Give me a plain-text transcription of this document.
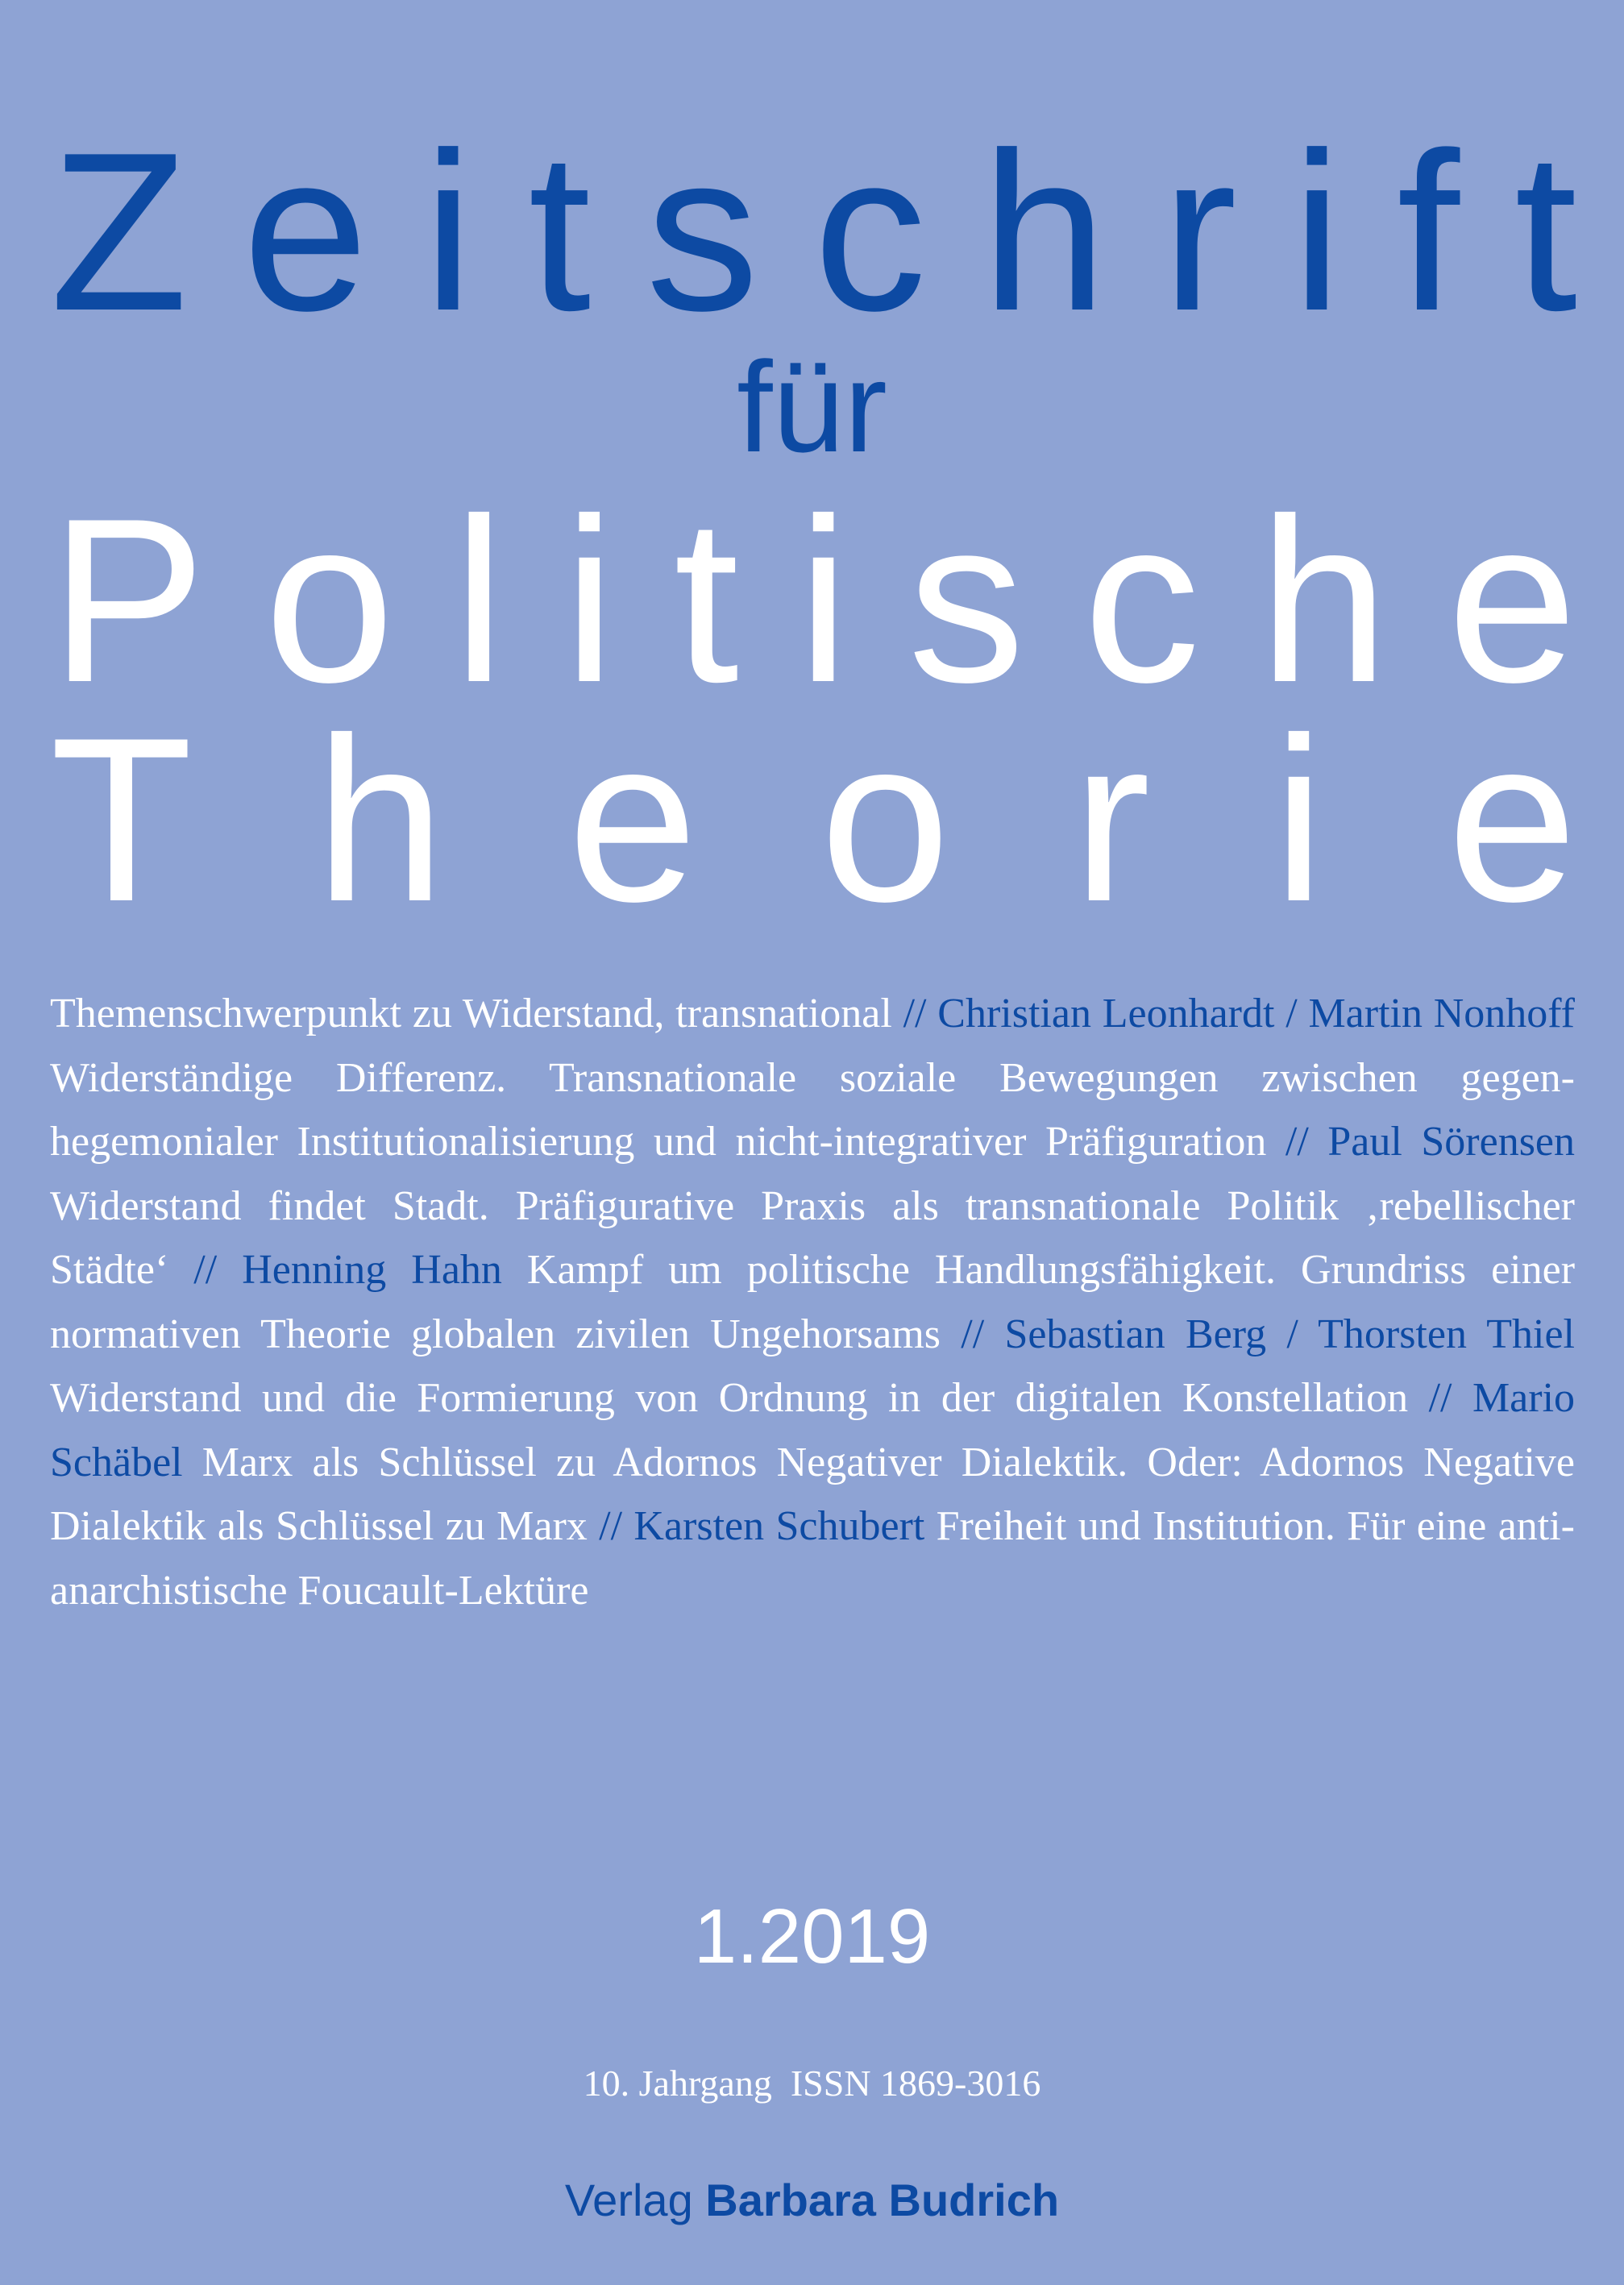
Z e i t s c h r i f t
für
P o l i t i s c h e
T h e o r i e
Themenschwerpunkt zu Widerstand, transnational // Christian Leonhardt / Martin Nonhoff Widerständige Differenz. Transnationale soziale Bewegungen zwischen gegenhegemonialer Institutionalisierung und nicht-integrativer Präfiguration // Paul Sörensen Widerstand findet Stadt. Präfigurative Praxis als transnationale Politik ‚rebellischer Städte‘ // Henning Hahn Kampf um politische Handlungsfähigkeit. Grundriss einer normativen Theorie globalen zivilen Ungehorsams // Sebastian Berg / Thorsten Thiel Widerstand und die Formierung von Ordnung in der digitalen Konstellation // Mario Schäbel Marx als Schlüssel zu Adornos Negativer Dialektik. Oder: Adornos Negative Dialektik als Schlüssel zu Marx // Karsten Schubert Freiheit und Institution. Für eine anti-anarchistische Foucault-Lektüre
1.2019
10. Jahrgang  ISSN 1869-3016
Verlag Barbara Budrich
